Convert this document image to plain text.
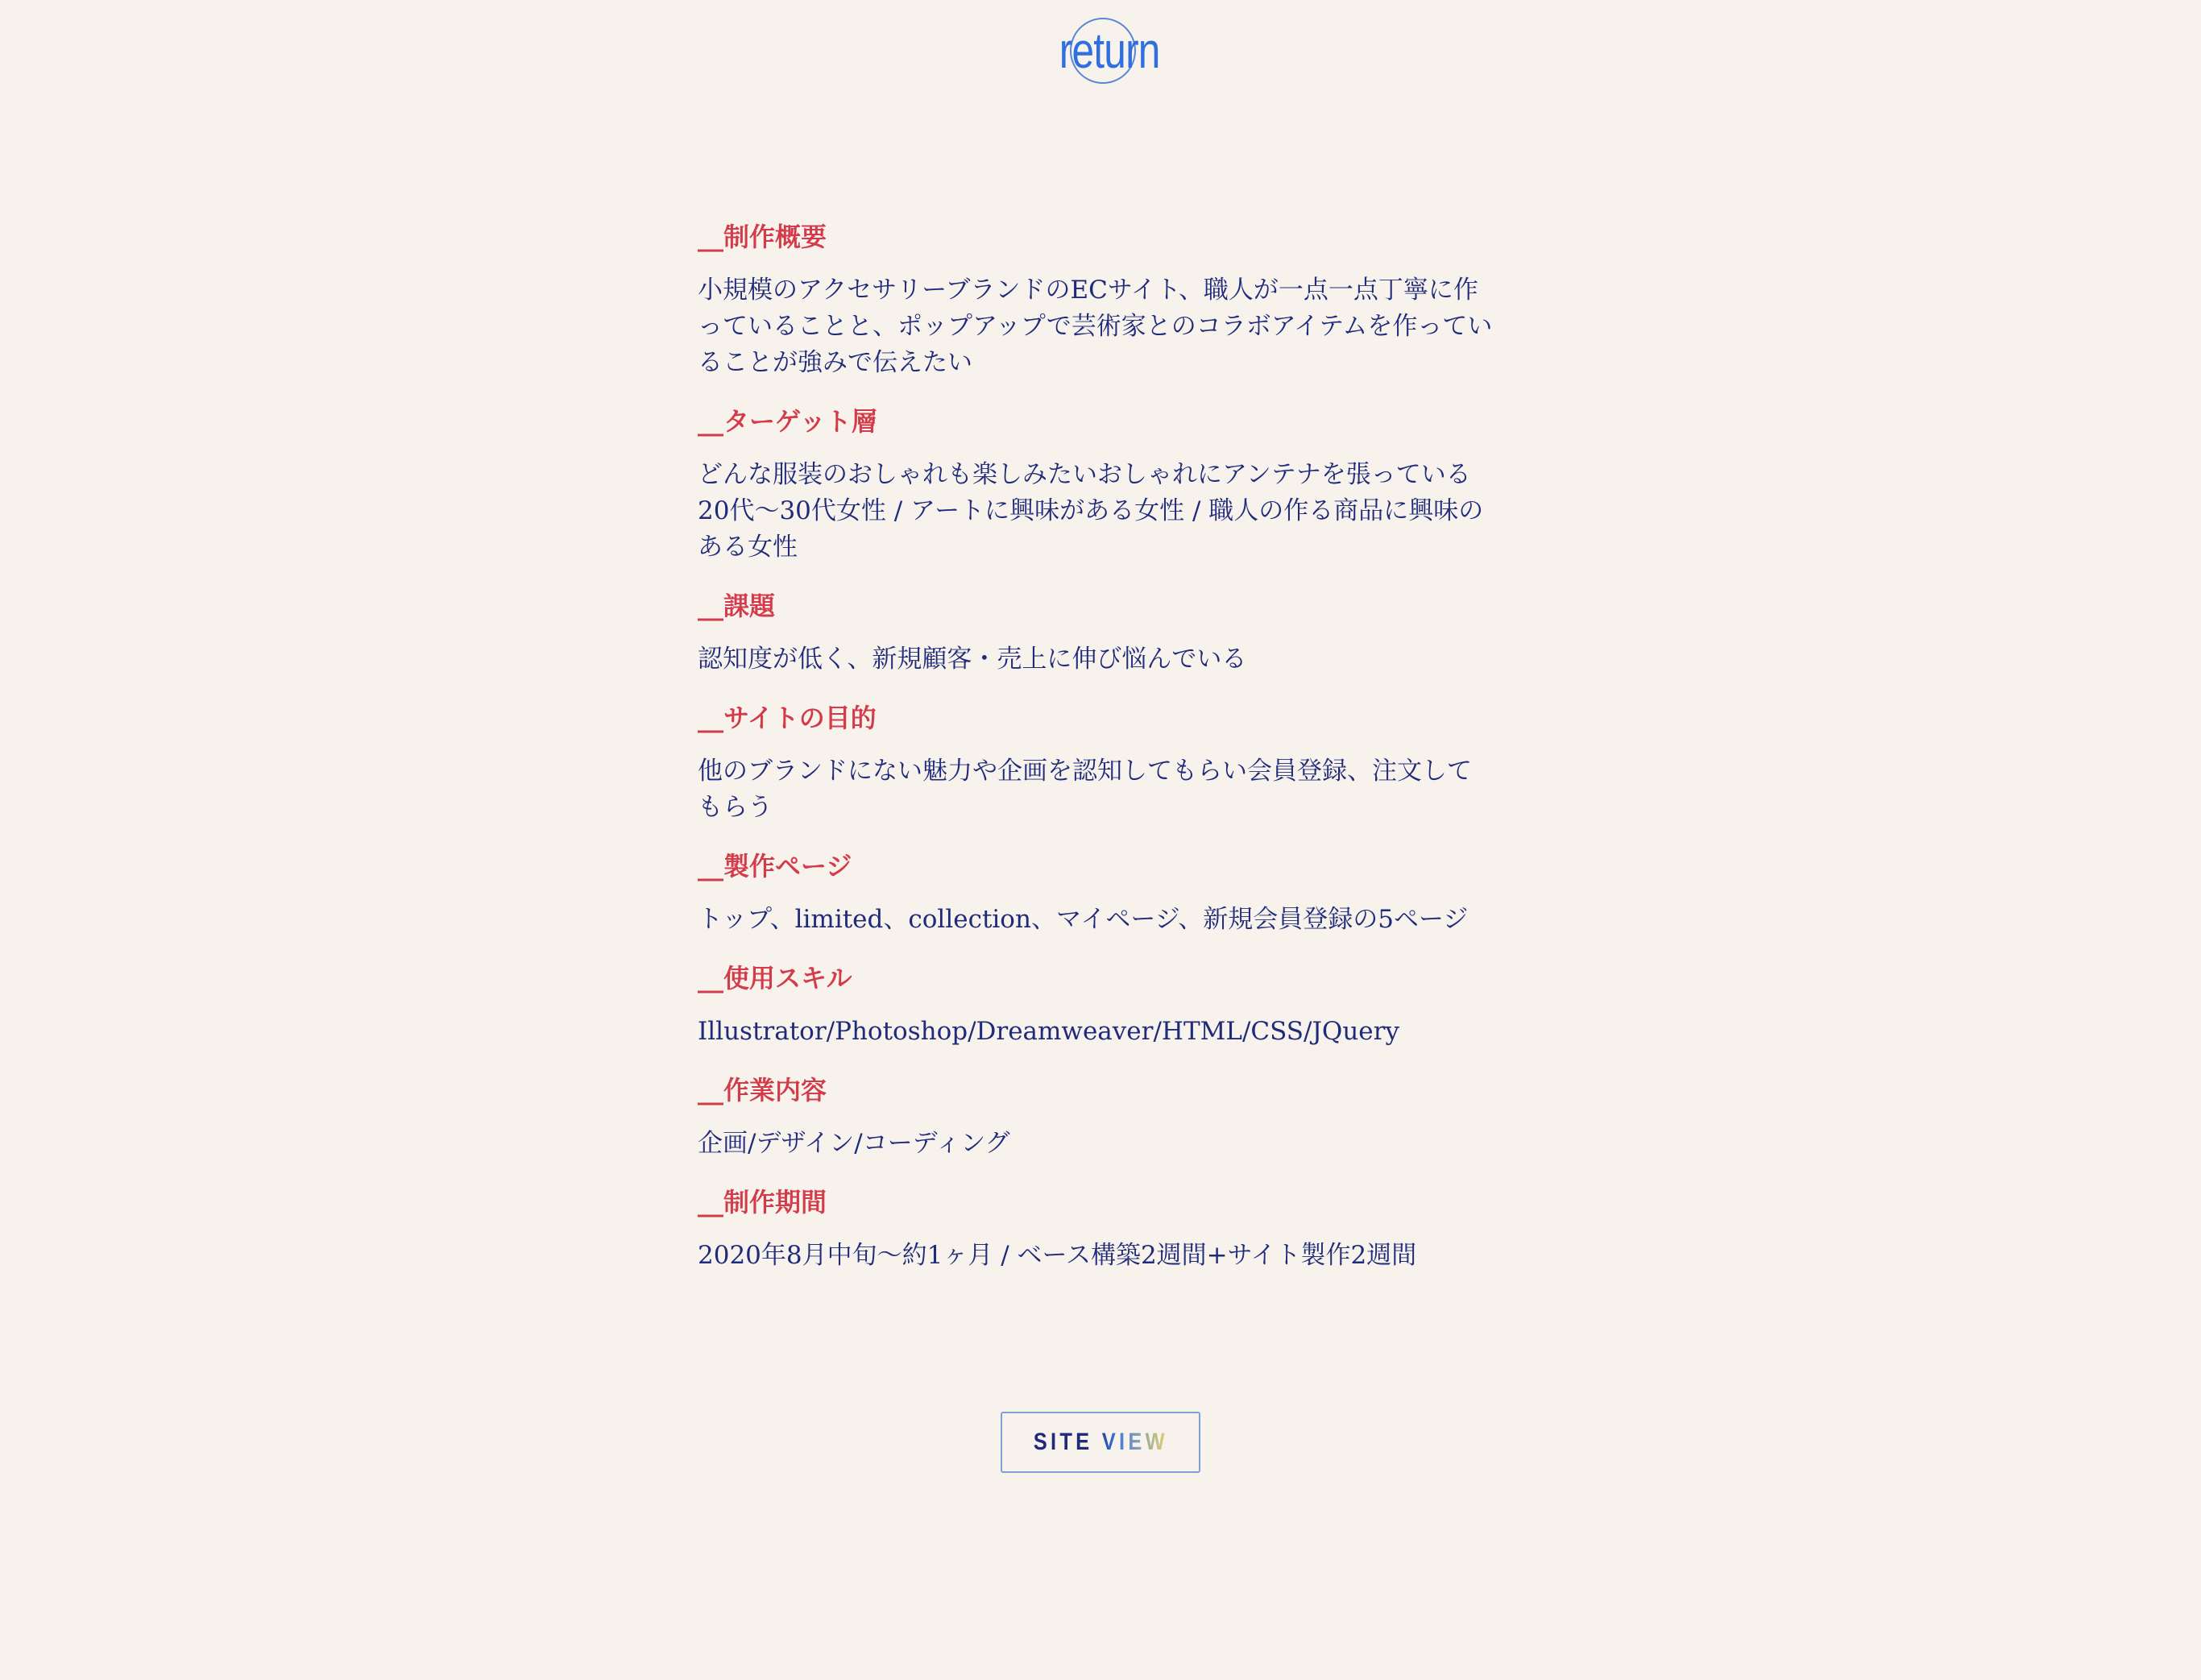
return
__制作概要

小規模のアクセサリーブランドのECサイト、職人が一点一点丁寧に作っていることと、ポップアップで芸術家とのコラボアイテムを作っていることが強みで伝えたい

__ターゲット層

どんな服装のおしゃれも楽しみたいおしゃれにアンテナを張っている20代〜30代女性 / アートに興味がある女性 / 職人の作る商品に興味のある女性

__課題

認知度が低く、新規顧客・売上に伸び悩んでいる

__サイトの目的

他のブランドにない魅力や企画を認知してもらい会員登録、注文してもらう

__製作ページ

トップ、limited、collection、マイページ、新規会員登録の5ページ

__使用スキル

Illustrator/Photoshop/Dreamweaver/HTML/CSS/JQuery

__作業内容

企画/デザイン/コーディング

__制作期間

2020年8月中旬〜約1ヶ月 / ベース構築2週間+サイト製作2週間

SITE VIEW
